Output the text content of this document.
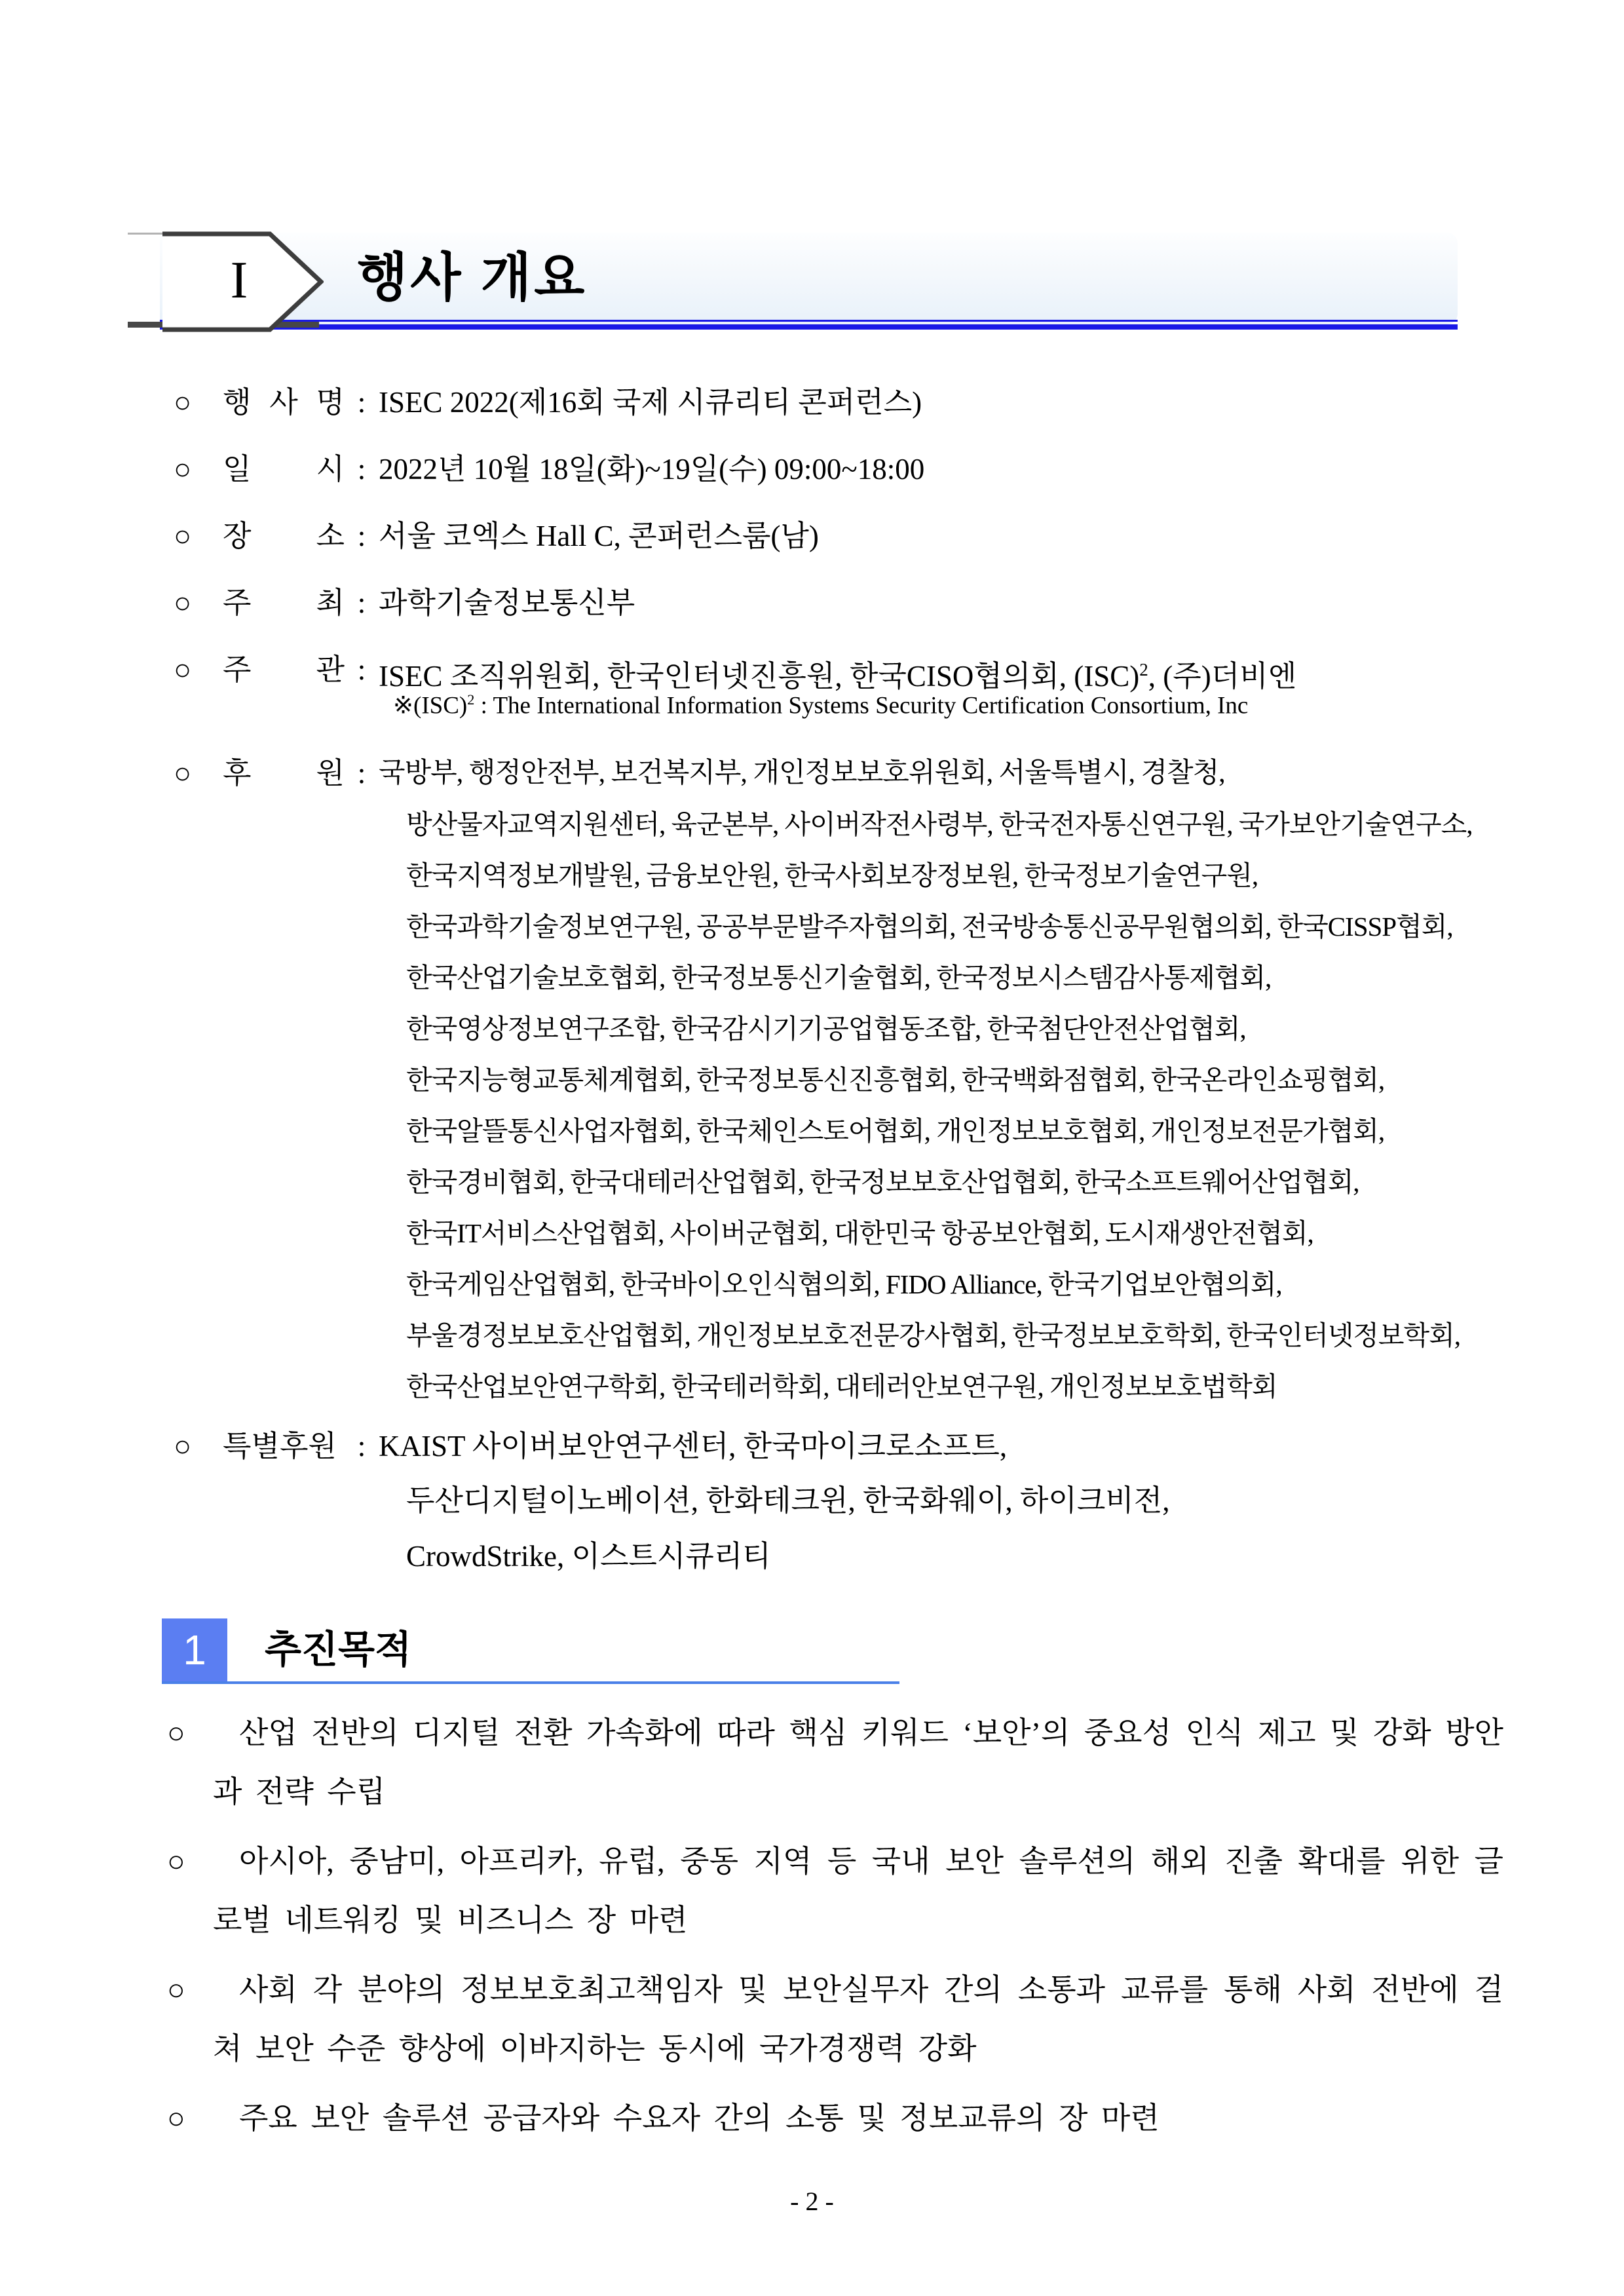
I	행사 개요
○	행 사 명 : ISEC 2022(제16회 국제 시큐리티 콘퍼런스)
○	일 시 : 2022년 10월 18일(화)~19일(수) 09:00~18:00
○	장 소 : 서울 코엑스 Hall C, 콘퍼런스룸(남)
○	주 최 : 과학기술정보통신부
○	주 관 : ISEC 조직위원회, 한국인터넷진흥원, 한국CISO협의회, (ISC)$^2$, (주)더비엔
※(ISC)$^2$ : The International Information Systems Security Certification Consortium, Inc
○	후 원 : 국방부, 행정안전부, 보건복지부, 개인정보보호위원회, 서울특별시, 경찰청,
방산물자교역지원센터, 육군본부, 사이버작전사령부, 한국전자통신연구원, 국가보안기술연구소,
한국지역정보개발원, 금융보안원, 한국사회보장정보원, 한국정보기술연구원,
한국과학기술정보연구원, 공공부문발주자협의회, 전국방송통신공무원협의회, 한국CISSP협회,
한국산업기술보호협회, 한국정보통신기술협회, 한국정보시스템감사통제협회,
한국영상정보연구조합, 한국감시기기공업협동조합, 한국첨단안전산업협회,
한국지능형교통체계협회, 한국정보통신진흥협회, 한국백화점협회, 한국온라인쇼핑협회,
한국알뜰통신사업자협회, 한국체인스토어협회, 개인정보보호협회, 개인정보전문가협회,
한국경비협회, 한국대테러산업협회, 한국정보보호산업협회, 한국소프트웨어산업협회,
한국IT서비스산업협회, 사이버군협회, 대한민국 항공보안협회, 도시재생안전협회,
한국게임산업협회, 한국바이오인식협의회, FIDO Alliance, 한국기업보안협의회,
부울경정보보호산업협회, 개인정보보호전문강사협회, 한국정보보호학회, 한국인터넷정보학회,
한국산업보안연구학회, 한국테러학회, 대테러안보연구원, 개인정보보호법학회
○	특별후원 : KAIST 사이버보안연구센터, 한국마이크로소프트,
두산디지털이노베이션, 한화테크윈, 한국화웨이, 하이크비전,
CrowdStrike, 이스트시큐리티
1	추진목적
○	산업 전반의 디지털 전환 가속화에 따라 핵심 키워드 ‘보안’의 중요성 인식 제고 및 강화 방안과 전략 수립
○	아시아, 중남미, 아프리카, 유럽, 중동 지역 등 국내 보안 솔루션의 해외 진출 확대를 위한 글로벌 네트워킹 및 비즈니스 장 마련
○	사회 각 분야의 정보보호최고책임자 및 보안실무자 간의 소통과 교류를 통해 사회 전반에 걸쳐 보안 수준 향상에 이바지하는 동시에 국가경쟁력 강화
○	주요 보안 솔루션 공급자와 수요자 간의 소통 및 정보교류의 장 마련
- 2 -
